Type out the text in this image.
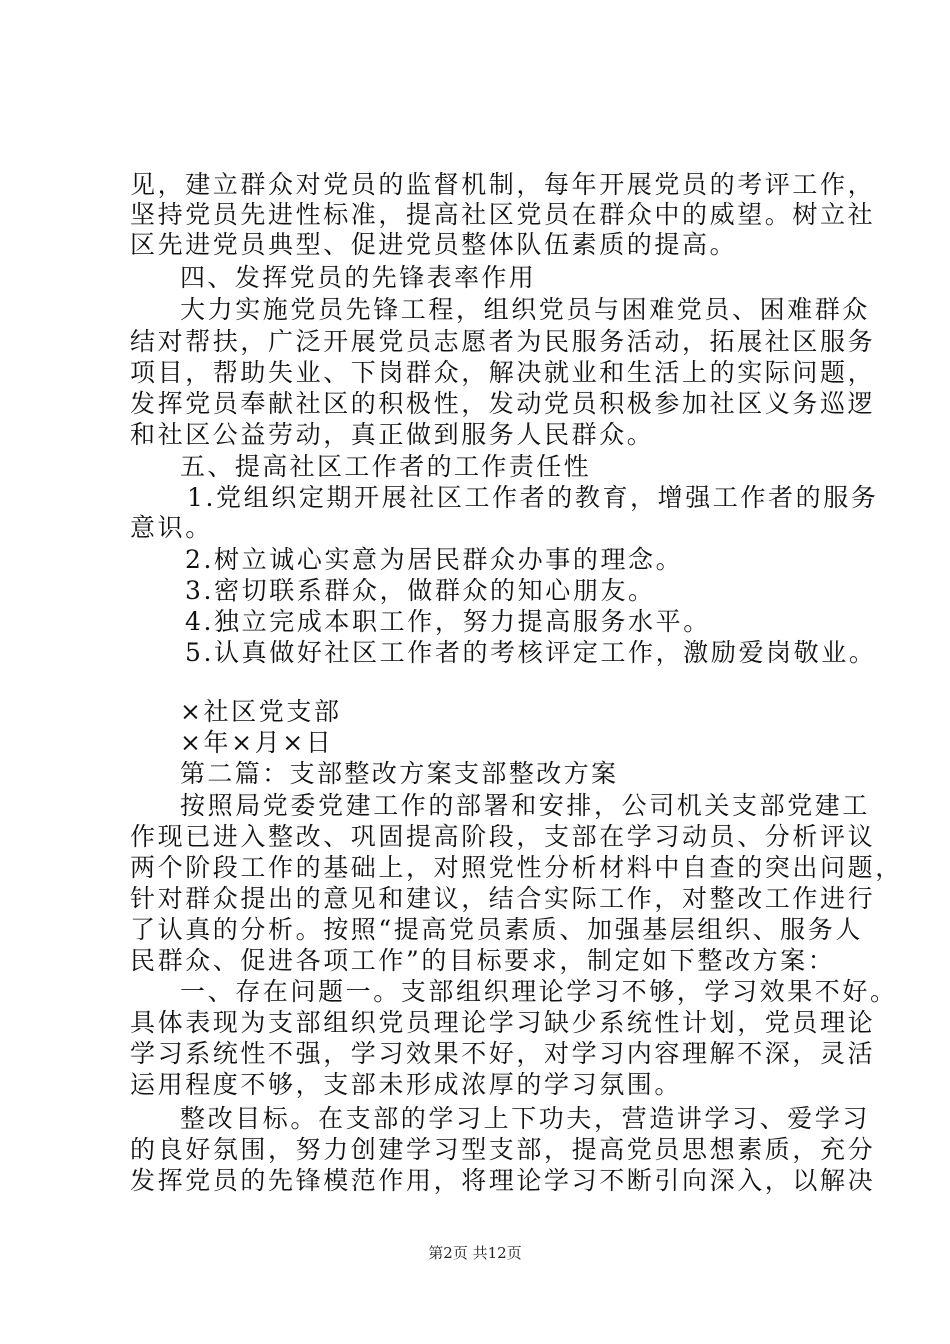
见，建立群众对党员的监督机制，每年开展党员的考评工作，
坚持党员先进性标准，提高社区党员在群众中的威望。树立社
区先进党员典型、促进党员整体队伍素质的提高。
四、发挥党员的先锋表率作用
大力实施党员先锋工程，组织党员与困难党员、困难群众
结对帮扶，广泛开展党员志愿者为民服务活动，拓展社区服务
项目，帮助失业、下岗群众，解决就业和生活上的实际问题，
发挥党员奉献社区的积极性，发动党员积极参加社区义务巡逻
和社区公益劳动，真正做到服务人民群众。
五、提高社区工作者的工作责任性
1.党组织定期开展社区工作者的教育，增强工作者的服务
意识。
2.树立诚心实意为居民群众办事的理念。
3.密切联系群众，做群众的知心朋友。
4.独立完成本职工作，努力提高服务水平。
5.认真做好社区工作者的考核评定工作，激励爱岗敬业。
×社区党支部
×年×月×日
第二篇：支部整改方案支部整改方案
按照局党委党建工作的部署和安排，公司机关支部党建工
作现已进入整改、巩固提高阶段，支部在学习动员、分析评议
两个阶段工作的基础上，对照党性分析材料中自查的突出问题，
针对群众提出的意见和建议，结合实际工作，对整改工作进行
了认真的分析。按照“提高党员素质、加强基层组织、服务人
民群众、促进各项工作”的目标要求，制定如下整改方案：
一、存在问题一。支部组织理论学习不够，学习效果不好。
具体表现为支部组织党员理论学习缺少系统性计划，党员理论
学习系统性不强，学习效果不好，对学习内容理解不深，灵活
运用程度不够，支部未形成浓厚的学习氛围。
整改目标。在支部的学习上下功夫，营造讲学习、爱学习
的良好氛围，努力创建学习型支部，提高党员思想素质，充分
发挥党员的先锋模范作用，将理论学习不断引向深入，以解决
第2页 共12页
